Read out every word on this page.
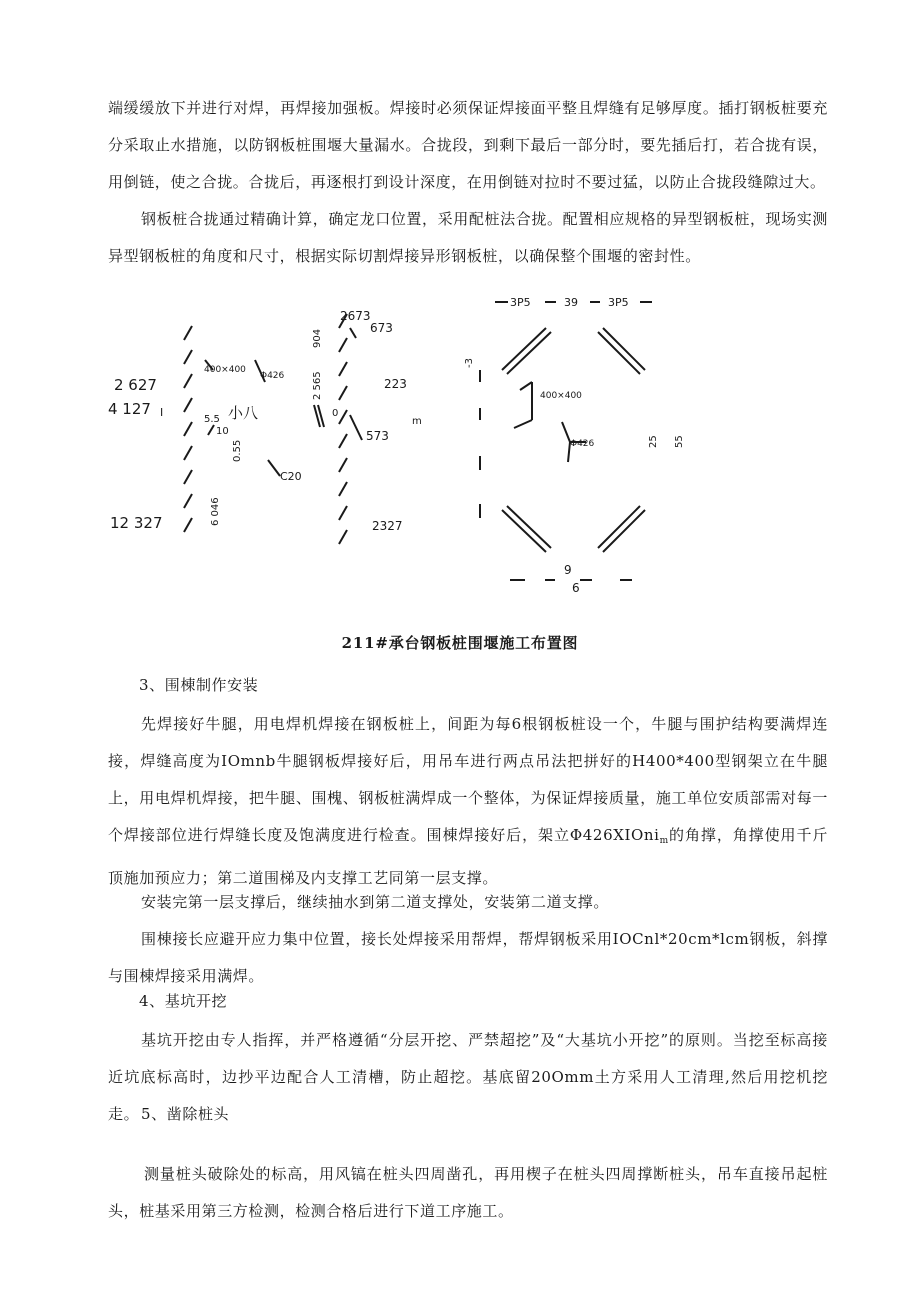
端缓缓放下并进行对焊，再焊接加强板。焊接时必须保证焊接面平整且焊缝有足够厚度。插打钢板桩要充分采取止水措施，以防钢板桩围堰大量漏水。合拢段，到剩下最后一部分时，要先插后打，若合拢有误，用倒链，使之合拢。合拢后，再逐根打到设计深度，在用倒链对拉时不要过猛，以防止合拢段缝隙过大。

钢板桩合拢通过精确计算，确定龙口位置，采用配桩法合拢。配置相应规格的异型钢板桩，现场实测异型钢板桩的角度和尺寸，根据实际切割焊接异形钢板桩，以确保整个围堰的密封性。

2 627
4 127
12 327
I
400×400
Φ426
5.5
10
0.55
C20
6 046
小八
2673
673
2 565
904
223
573
2327
0
m
3P5	39	3P5
400×400
Φ426	25 55
9
6
-3

211#承台钢板桩围堰施工布置图

3、围棟制作安装

先焊接好牛腿，用电焊机焊接在钢板桩上，间距为每6根钢板桩设一个，牛腿与围护结构要满焊连接，焊缝高度为IOmnb牛腿钢板焊接好后，用吊车进行两点吊法把拼好的H400*400型钢架立在牛腿上，用电焊机焊接，把牛腿、围槐、钢板桩满焊成一个整体，为保证焊接质量，施工单位安质部需对每一个焊接部位进行焊缝长度及饱满度进行检查。围棟焊接好后，架立Φ426XIOni$_m$的角撑，角撑使用千斤顶施加预应力；第二道围梯及内支撑工艺同第一层支撑。

安装完第一层支撑后，继续抽水到第二道支撑处，安装第二道支撑。

围棟接长应避开应力集中位置，接长处焊接采用帮焊，帮焊钢板采用IOCnl*20cm*lcm钢板，斜撑与围棟焊接采用满焊。

4、基坑开挖

基坑开挖由专人指挥，并严格遵循“分层开挖、严禁超挖”及“大基坑小开挖”的原则。当挖至标高接近坑底标高时，边抄平边配合人工清槽，防止超挖。基底留20Omm土方采用人工清理,然后用挖机挖走。 5、凿除桩头

测量桩头破除处的标高，用风镐在桩头四周凿孔，再用楔子在桩头四周撑断桩头，吊车直接吊起桩头，桩基采用第三方检测，检测合格后进行下道工序施工。
